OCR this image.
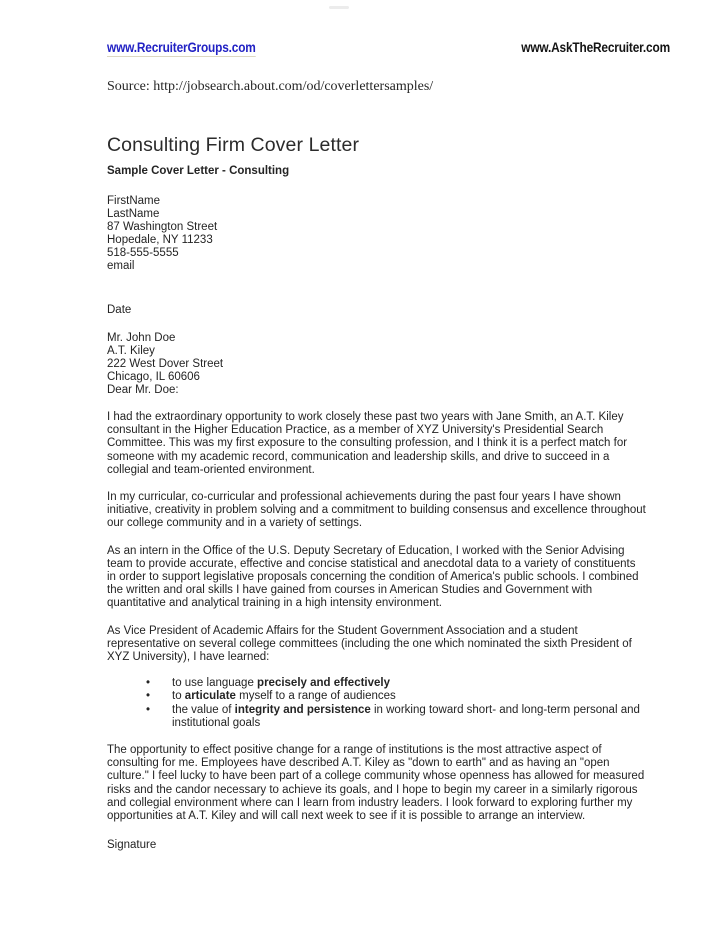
www.RecruiterGroups.com	www.AskTheRecruiter.com
Source: http://jobsearch.about.com/od/coverlettersamples/
Consulting Firm Cover Letter
Sample Cover Letter - Consulting
FirstName
LastName
87 Washington Street
Hopedale, NY 11233
518-555-5555
email
Date
Mr. John Doe
A.T. Kiley
222 West Dover Street
Chicago, IL 60606
Dear Mr. Doe:

I had the extraordinary opportunity to work closely these past two years with Jane Smith, an A.T. Kiley consultant in the Higher Education Practice, as a member of XYZ University's Presidential Search Committee. This was my first exposure to the consulting profession, and I think it is a perfect match for someone with my academic record, communication and leadership skills, and drive to succeed in a collegial and team-oriented environment.

In my curricular, co-curricular and professional achievements during the past four years I have shown initiative, creativity in problem solving and a commitment to building consensus and excellence throughout our college community and in a variety of settings.

As an intern in the Office of the U.S. Deputy Secretary of Education, I worked with the Senior Advising team to provide accurate, effective and concise statistical and anecdotal data to a variety of constituents in order to support legislative proposals concerning the condition of America's public schools. I combined the written and oral skills I have gained from courses in American Studies and Government with quantitative and analytical training in a high intensity environment.

As Vice President of Academic Affairs for the Student Government Association and a student representative on several college committees (including the one which nominated the sixth President of XYZ University), I have learned:

•	to use language precisely and effectively
•	to articulate myself to a range of audiences
•	the value of integrity and persistence in working toward short- and long-term personal and institutional goals

The opportunity to effect positive change for a range of institutions is the most attractive aspect of consulting for me. Employees have described A.T. Kiley as "down to earth" and as having an "open culture." I feel lucky to have been part of a college community whose openness has allowed for measured risks and the candor necessary to achieve its goals, and I hope to begin my career in a similarly rigorous and collegial environment where can I learn from industry leaders. I look forward to exploring further my opportunities at A.T. Kiley and will call next week to see if it is possible to arrange an interview.

Signature
